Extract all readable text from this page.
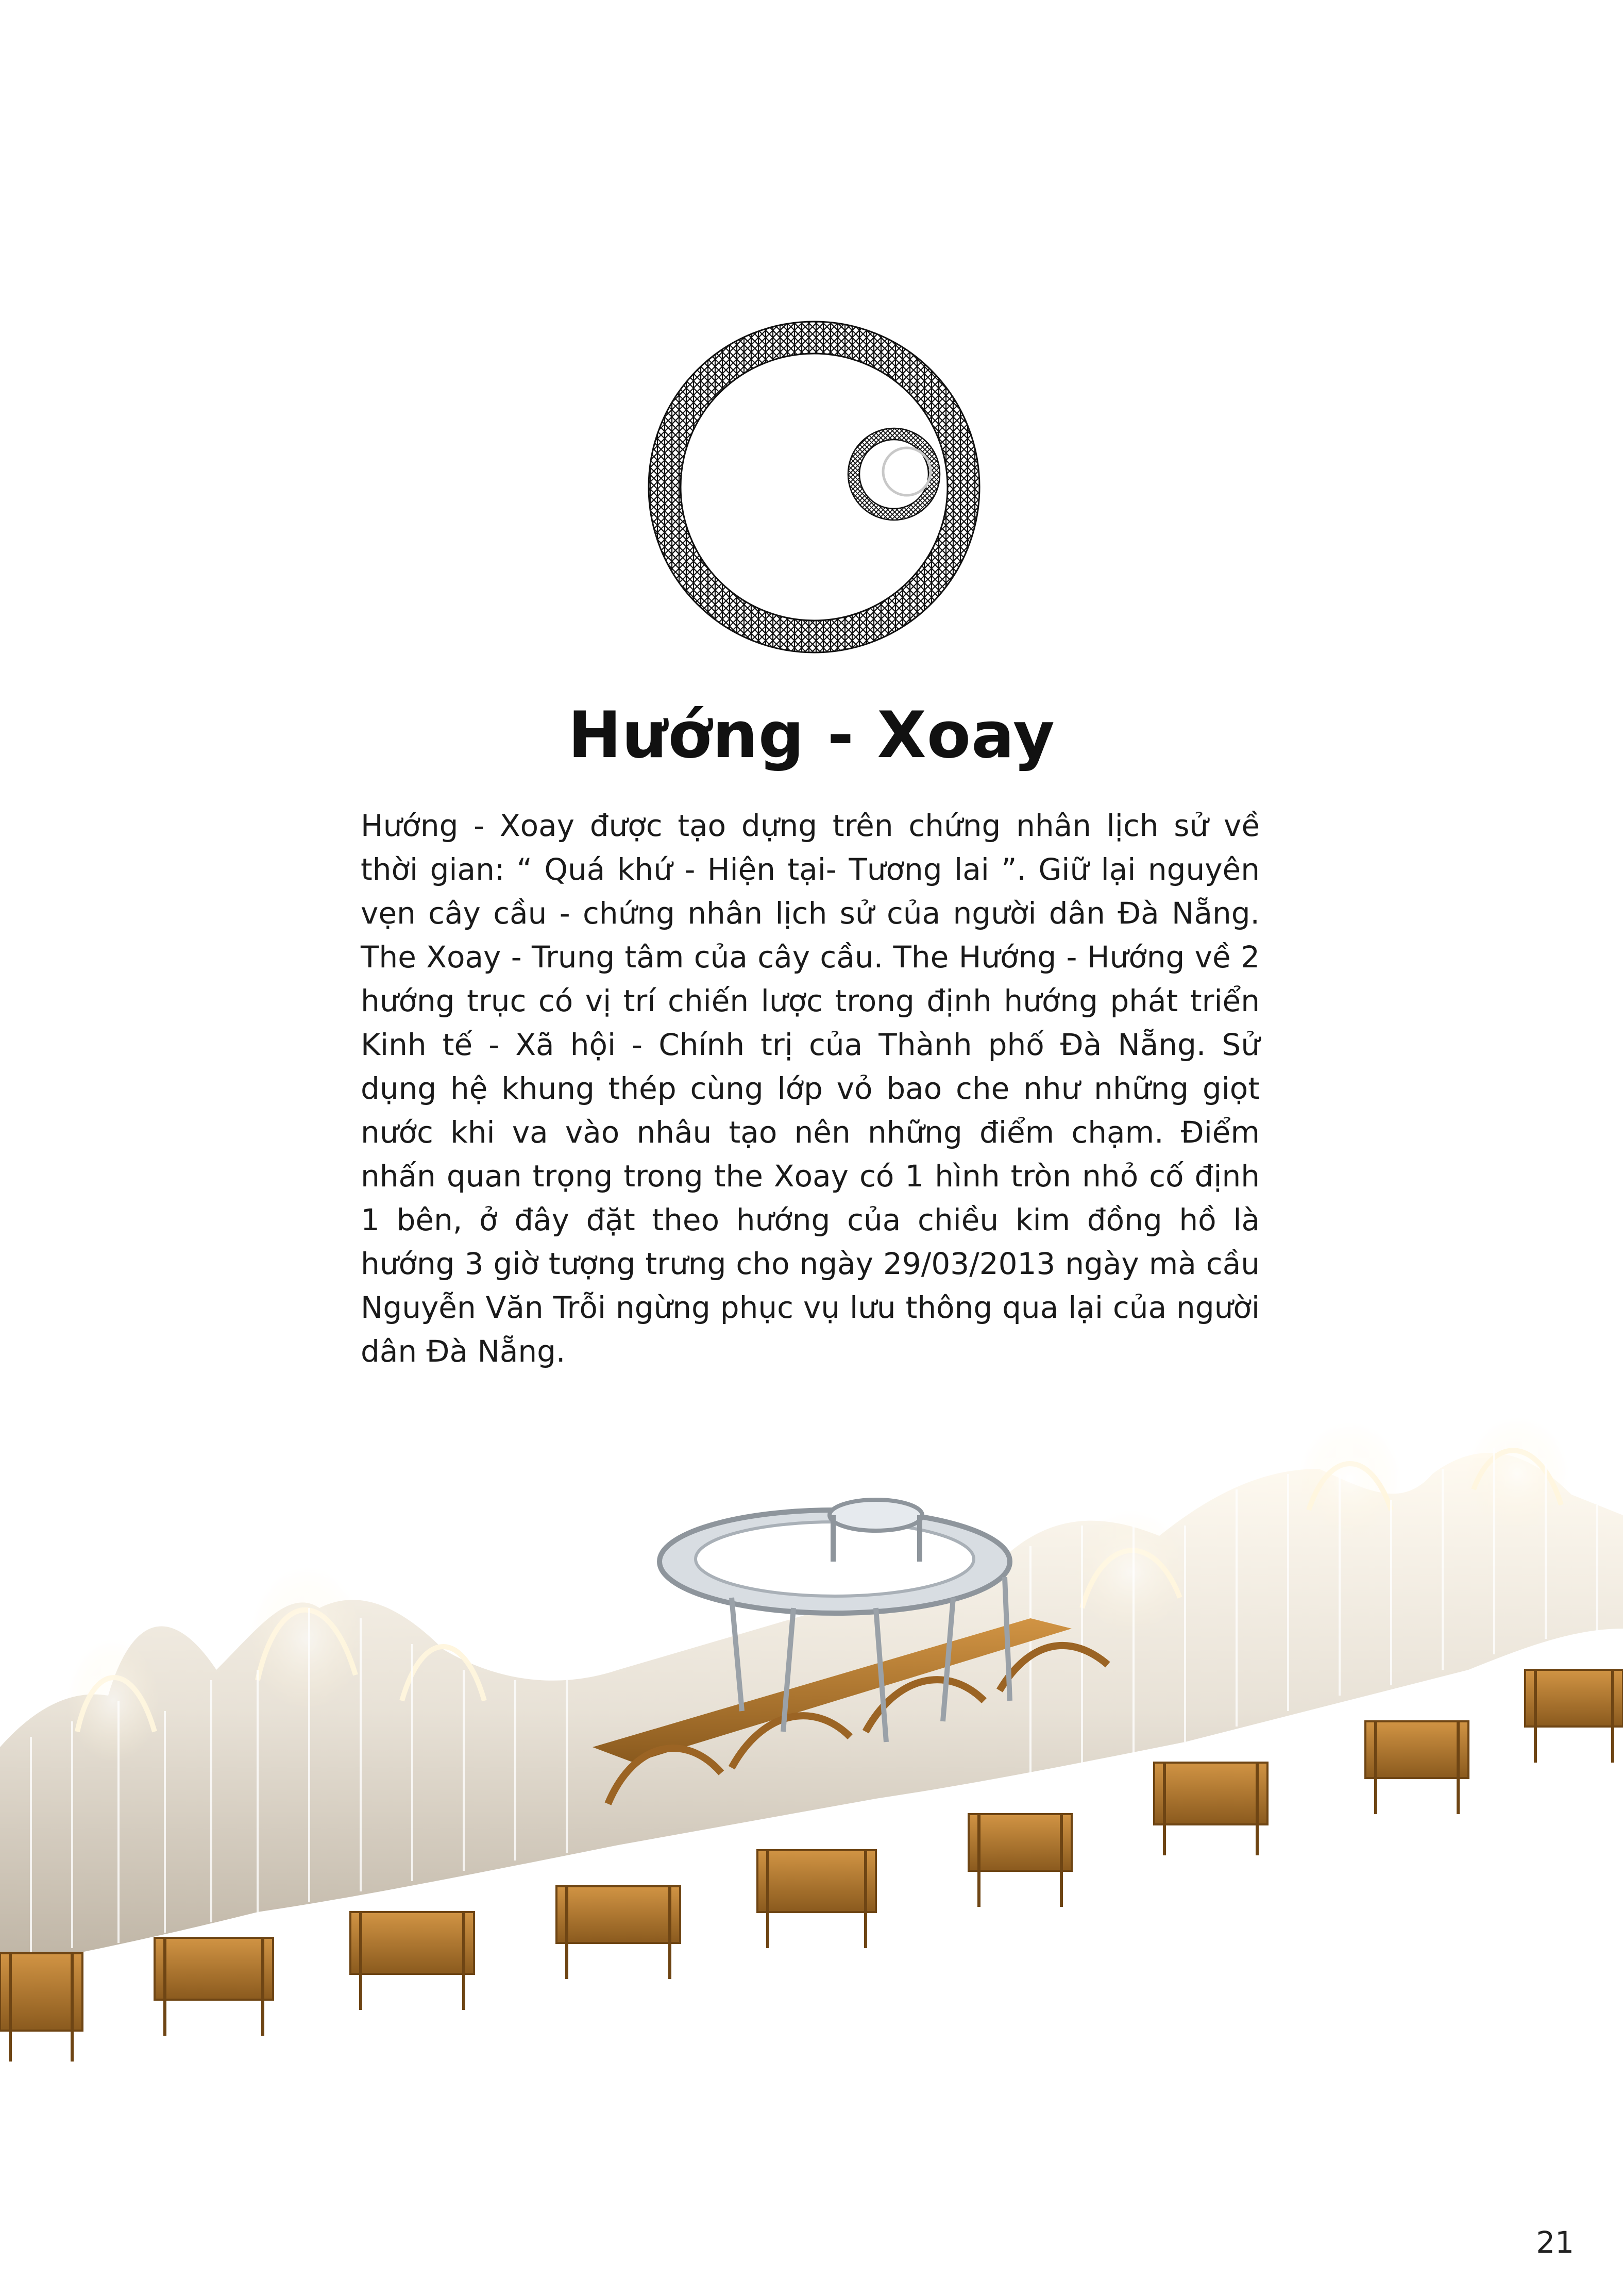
Hướng - Xoay

Hướng - Xoay được tạo dựng trên chứng nhân lịch sử về thời gian: “ Quá khứ - Hiện tại- Tương lai ”. Giữ lại nguyên vẹn cây cầu - chứng nhân lịch sử của người dân Đà Nẵng. The Xoay - Trung tâm của cây cầu. The Hướng - Hướng về 2 hướng trục có vị trí chiến lược trong định hướng phát triển Kinh tế - Xã hội - Chính trị của Thành phố Đà Nẵng. Sử dụng hệ khung thép cùng lớp vỏ bao che như những giọt nước khi va vào nhâu tạo nên những điểm chạm. Điểm nhấn quan trọng trong the Xoay có 1 hình tròn nhỏ cố định 1 bên, ở đây đặt theo hướng của chiều kim đồng hồ là hướng 3 giờ tượng trưng cho ngày 29/03/2013 ngày mà cầu Nguyễn Văn Trỗi ngừng phục vụ lưu thông qua lại của người dân Đà Nẵng.

21
